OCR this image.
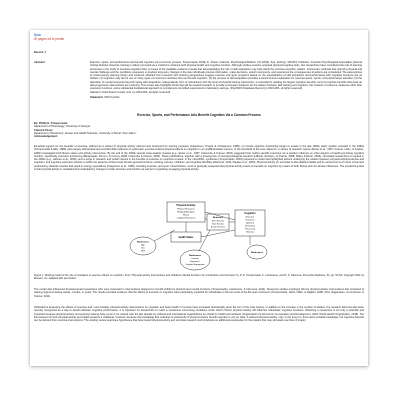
Back
IE pages ed to printer
Record: 1
Abstract:	Exercise, sports, and performance and benefit cognition via a common process. Tomporowski, Phillip D.; Pesce, Caterina. Psychological Bulletin, Vol 145(9), Sep, 2019 pp. 929-951. Publisher: American Psychological Association [Journal Article] Abstract: Exercise training is widely promoted as a method to enhance both physical health and cognitive function. Although studies examine acquired physical-cognitive links, few researchers have considered the role of learning processes in the study of exercise-cognition links. A review of the available evidence reveals that acknowledging the role of skill acquisition may help clarify the exercise-cognition relation. Intervention methods that optimize physical and mental challenge and the conditions necessary to produce long-term changes in the way individuals process information, make decisions, select movements, and experience the consequences of actions are considered. The assumptions of contemporary learning theory and evidence obtained from research with learning perspectives suggest exercise and sport programs based on the specialization of skill acquisition and performance with cognitive functions are as follows: (1) Cognition may be but one of many types of movement activities that can benefit cognition; (2) the process of skill acquisition provides a parsimonious explanation for exercise-acute, sports, and performance activities; (3) the allocation of mental resources beyond coping with acquisition, independently from or interactively with the level of physical training intervention, is essential for yielding the largest cognitive benefits; and (4) cognitive benefits observed via skill-progressive interventions are enduring. This review also highlights future that will be needed research to provide convergent evidence for the relation between skill training and cognition, the inclusion of outcome measures other than executive functions, and a substantial translational approach to complement controlled experiments in laboratory settings. (PsycINFO Database Record (c) 2019 APA, all rights reserved)
Abstract / Cited Search results: (Ind. (c) 2019 APA, all rights reserved)
Statement: APA PsycInfo
Exercise, Sports, and Performance Arts Benefit Cognition Via a Common Process
By: Phillip D. Tomporowski
Department of Kinesiology, University of Georgia
Caterina Pesce
Department of Movement, Human and Health Sciences, University of Rome "Foro Italico"
Acknowledgement:
Empirical support for the benefits of exercise, defined as a subset of physical activity planned and structured for training purposes (Caspersen, Powell, & Christenson, 1985), on human cognitive functioning began to amass in the late 1960s. Early studies reviewed in the 1990s (Tomporowski & Ellis, 1986) were largely atheoretical and provided little evidence of systematic exercise-induced physical effects on cognition in an undifferentiated manner, or the threshold of the exer-influence; a variety of research reports (Etnier et al., 1997; Kramer, Hahn, & Gopher, 1999) investigated both fitness status and activity intervention. By the end of the 1990s several meta-analytic reviews (e.g., Etnier et al., 1997; Colcombe & Kramer, 2003) suggested that neither specific exercises nor a positive influence on other aspects of health-promoting cognitive function, specifically executive functioning (Baranowski, Drumm, & Conroy, 2008; Colcombe & Kramer, 2003). These publications, together with a growing line of neurophysiological research (Hillman, Erickson, & Kramer, 2008; Sibley & Etnier, 2003), stimulated researchers to expand in the 2000s (e.g., Hillman et al., 2009), and a surge in research and public interest in the benefits of exercise on cognition ensued. In the mid-2000s, syntheses (Tomporowski, 2003) proposed a model that highlighted actions underlying the relation between physical activity/exercise and cognition; and cognitive executive function in which the aspects of lower-level domain-general functions: working memory, inhibition, and cognitive flexibility (Diamond, 2013; Miyake et al., 2000). Physical activity (or exercise) is also defined initially and its various forms of motor movement produced by skeletal muscles that result in energy expenditure (Caspersen et al., 1985), including exercise, and sport. Nevertheless, much is generally accepted that physical activity exerts its benefits on cognition by means of both fitness and non-fitness influences. The overarching idea is that physical activity is mediated and moderated by changes in brain structure and function as well as in cognitively engaging physical activity.
Physical Activity
Physical Resources
Metabolic/Energetic
Neural
Cognitive Resources
Health Status
Cognition
Executive
Functions
Speed of
Information
Processing
Memory
Mediators
Brain Structure
Brain Function
Neural Processes
Moderators
Age
Sex
SES
Moderators
Learning
Experience
Cognitive Engagement
Moderators
Figure 1. Working model of the role of mediators in exercise effects on cognition. From "Physical activity interventions and Children's Mental Function: An Introduction and Overview" by P. D. Tomporowski, K. Lambourne, and M. S. Okumura, Preventive Medicine, 52, pp. S3-S9. Copyright 2011 by Elsevier, Inc. Adapted with permission.
The model also influenced developmental researchers who were interested in interventions designed to benefit children's physical and mental functions (Tomporowski, Lambourne, & Okumura, 2011). Numerous studies employed chronic physical activity interventions that consisted of training regimens lasting weeks, months, or years. The results provided evidence that the effects of exercise on cognition were particularly impactful for individuals on the two ends of the life span continuum (Tomporowski, Davis, Miller, & Naglieri, 2008; Voss, Nagamatsu, Liu-Ambrose, & Kramer, 2011).
Publications assessing the effects of exercise and, more broadly, physical activity interventions on cognition and brain health in humans have increased dramatically since the turn of the 21st century. In addition to the increase in the number of studies, the research field has also been recently recognized as a way to benefit athletes' cognitive performance. It is important for researchers to reach a consensus concerning conditions under which chronic physical activity will influence individuals' cognitive functions. Obtaining a consensus is not only a scientific and important because physical activity and exercise training have come to be viewed over the last decade by national and international organizations as critical for health and wellness (Organization for Economic Co-operation and Development, 2018; World Health Organization, 2018). The link between chronic physical activity and health presents a challenge, however, because the knowledge that underlies to what kinds of physical activity benefit cognition is not yet clear. A reduced physical activity, may, in the long run, drive down societal knowledge, but cognitive benefits can be derived from exercise interventions. The existing review examines hypotheses that have tested physical activity and correlate research and introduces an additional explanation for the relation that may stimulate new lines of inquiry.
